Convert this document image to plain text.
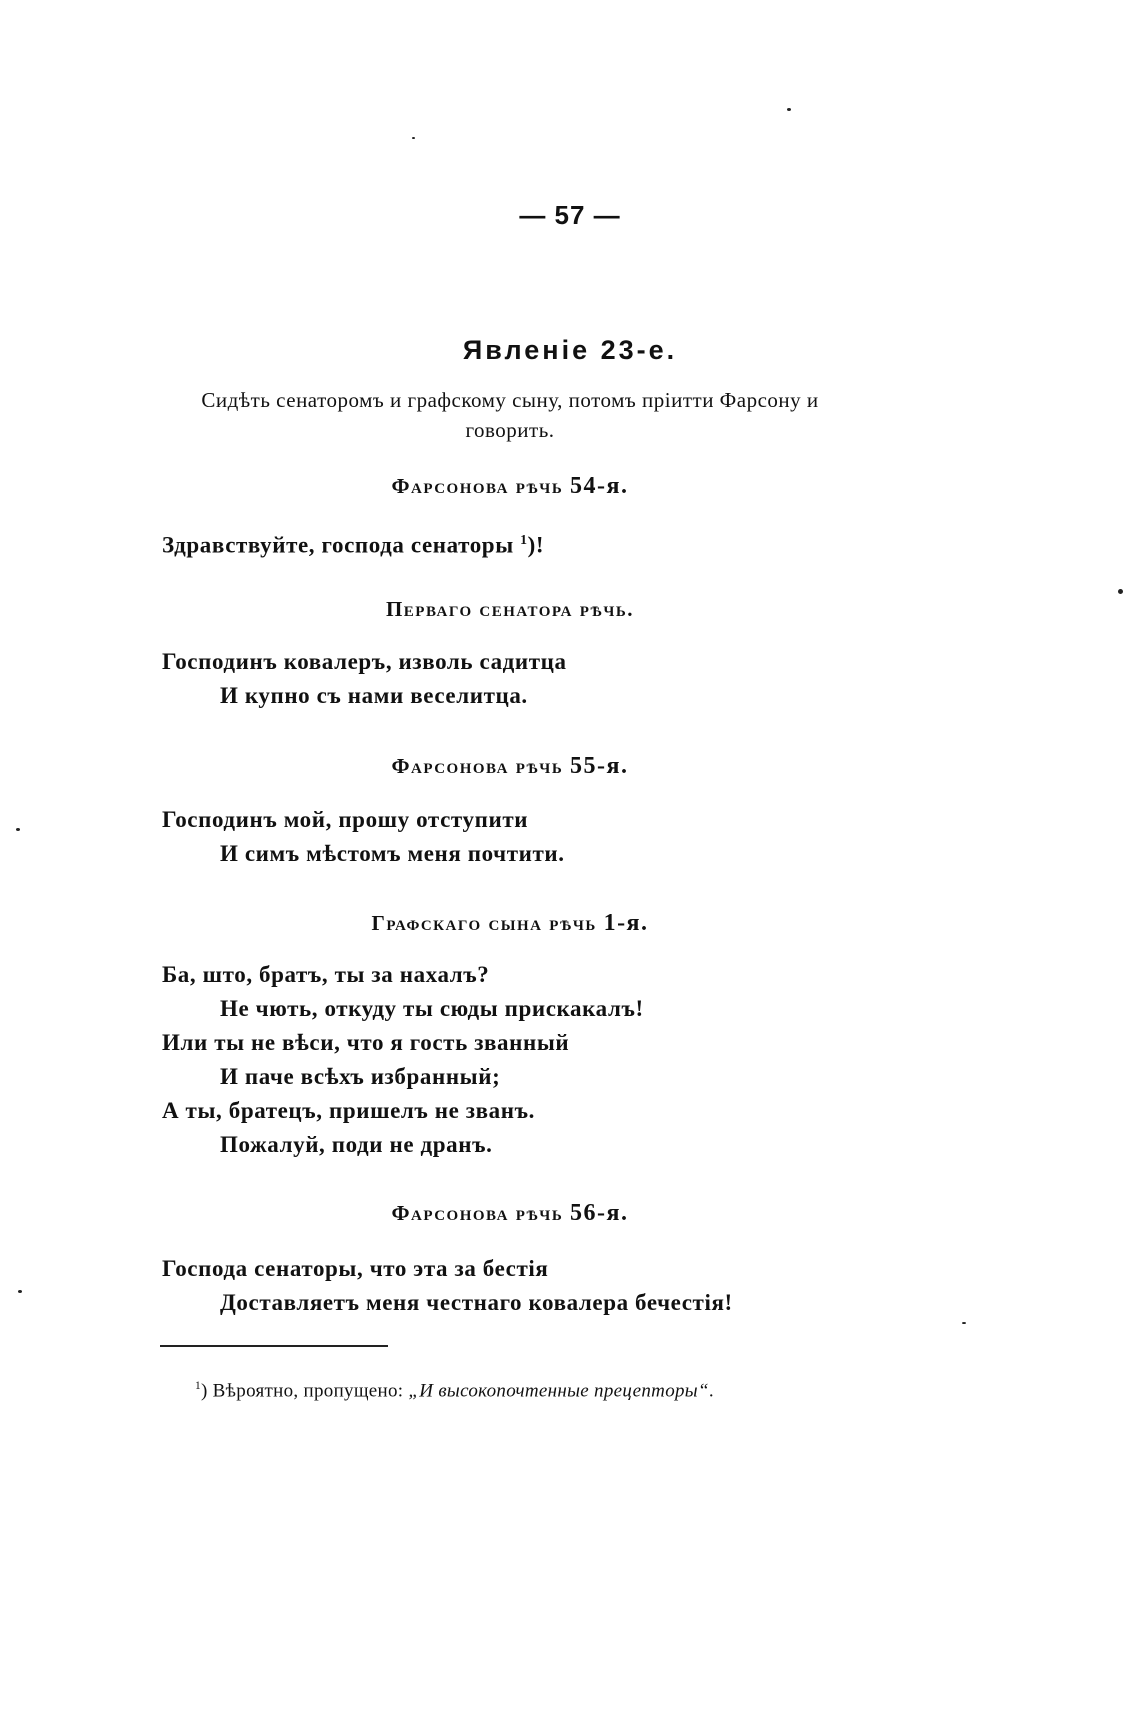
— 57 —
Явленіе 23-е.
Сидѣть сенаторомъ и графскому сыну, потомъ пріитти Фарсону и
говорить.
Фарсонова рѣчь 54-я.
Здравствуйте, господа сенаторы $^1$)!
Перваго сенатора рѣчь.
Господинъ ковалеръ, изволь садитца
И купно съ нами веселитца.
Фарсонова рѣчь 55-я.
Господинъ мой, прошу отступити
И симъ мѣстомъ меня почтити.
Графскаго сына рѣчь 1-я.
Ба, што, братъ, ты за нахалъ?
Не чють, откуду ты сюды прискакалъ!
Или ты не вѣси, что я гость званный
И паче всѣхъ избранный;
А ты, братецъ, пришелъ не званъ.
Пожалуй, поди не дранъ.
Фарсонова рѣчь 56-я.
Господа сенаторы, что эта за бестія
Доставляетъ меня честнаго ковалера бечестія!
$^1$) Вѣроятно, пропущено: „И высокопочтенные прецепторы“.
